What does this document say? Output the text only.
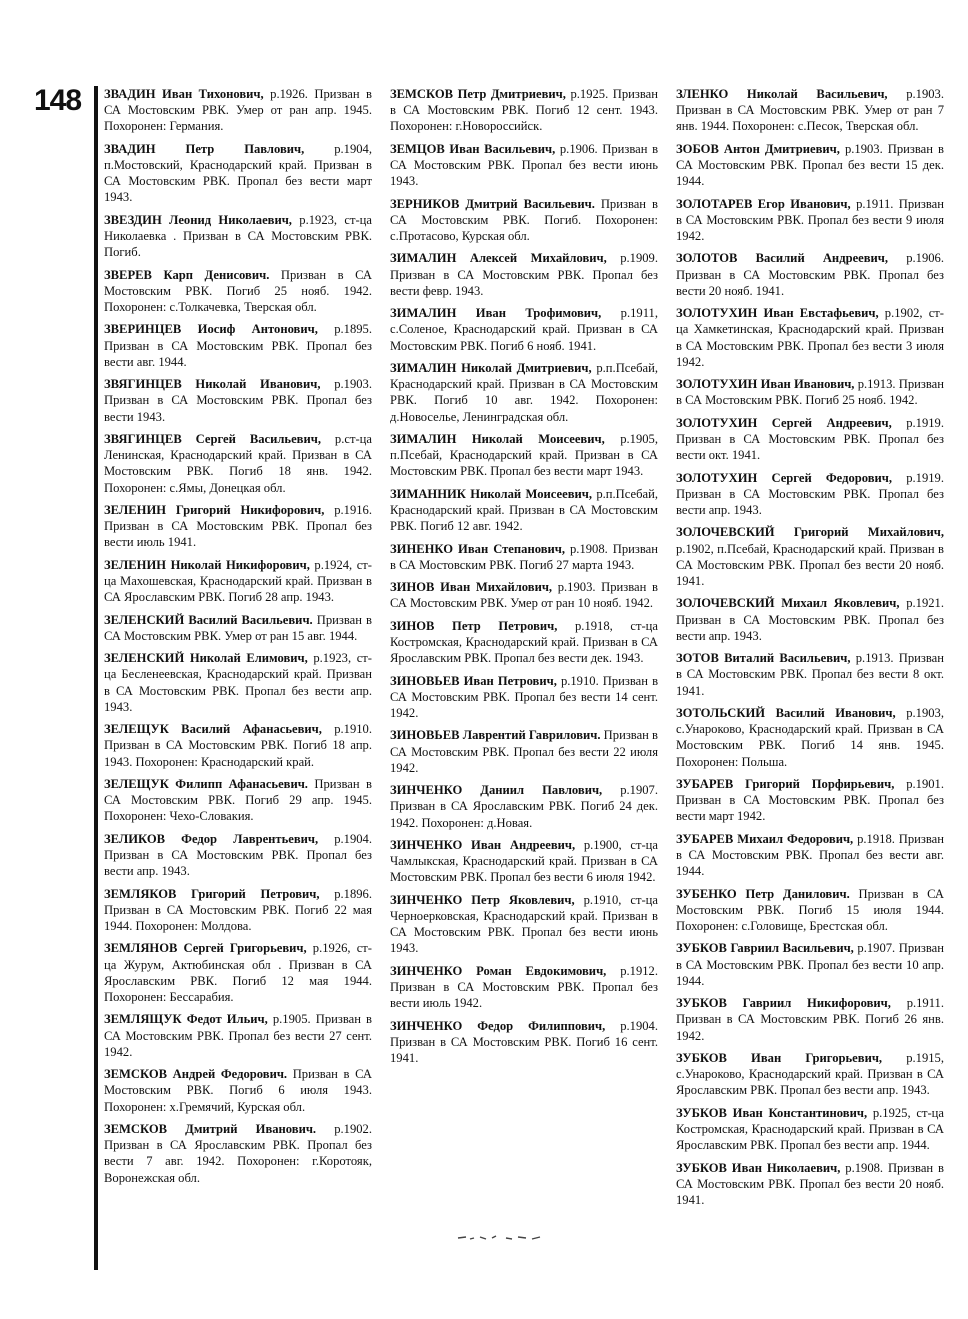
148 ЗВАДИН Иван Тихонович, р.1926. Призван в СА Мостовским РВК. Умер от ран апр. 1945. Похоронен: Германия.

ЗВАДИН Петр Павлович, р.1904, п.Мостовский, Краснодарский край. Призван в СА Мостовским РВК. Пропал без вести март 1943.

ЗВЕЗДИН Леонид Николаевич, р.1923, ст-ца Николаевка . Призван в СА Мостовским РВК. Погиб.

ЗВЕРЕВ Карп Денисович. Призван в СА Мостовским РВК. Погиб 25 нояб. 1942. Похоронен: с.Толкачевка, Тверская обл.

ЗВЕРИНЦЕВ Иосиф Антонович, р.1895. Призван в СА Мостовским РВК. Пропал без вести авг. 1944.

ЗВЯГИНЦЕВ Николай Иванович, р.1903. Призван в СА Мостовским РВК. Пропал без вести 1943.

ЗВЯГИНЦЕВ Сергей Васильевич, р.ст-ца Ленинская, Краснодарский край. Призван в СА Мостовским РВК. Погиб 18 янв. 1942. Похоронен: с.Ямы, Донецкая обл.

ЗЕЛЕНИН Григорий Никифорович, р.1916. Призван в СА Мостовским РВК. Пропал без вести июль 1941.

ЗЕЛЕНИН Николай Никифорович, р.1924, ст-ца Махошевская, Краснодарский край. Призван в СА Ярославским РВК. Погиб 28 апр. 1943.

ЗЕЛЕНСКИЙ Василий Васильевич. Призван в СА Мостовским РВК. Умер от ран 15 авг. 1944.

ЗЕЛЕНСКИЙ Николай Елимович, р.1923, ст-ца Бесленеевская, Краснодарский край. Призван в СА Мостовским РВК. Пропал без вести апр. 1943.

ЗЕЛЕЩУК Василий Афанасьевич, р.1910. Призван в СА Мостовским РВК. Погиб 18 апр. 1943. Похоронен: Краснодарский край.

ЗЕЛЕЩУК Филипп Афанасьевич. Призван в СА Мостовским РВК. Погиб 29 апр. 1945. Похоронен: Чехо-Словакия.

ЗЕЛИКОВ Федор Лаврентьевич, р.1904. Призван в СА Мостовским РВК. Пропал без вести апр. 1943.

ЗЕМЛЯКОВ Григорий Петрович, р.1896. Призван в СА Мостовским РВК. Погиб 22 мая 1944. Похоронен: Молдова.

ЗЕМЛЯНОВ Сергей Григорьевич, р.1926, ст-ца Журум, Актюбинская обл . Призван в СА Ярославским РВК. Погиб 12 мая 1944. Похоронен: Бессарабия.

ЗЕМЛЯЩУК Федот Ильич, р.1905. Призван в СА Мостовским РВК. Пропал без вести 27 сент. 1942.

ЗЕМСКОВ Андрей Федорович. Призван в СА Мостовским РВК. Погиб 6 июля 1943. Похоронен: х.Гремячий, Курская обл.

ЗЕМСКОВ Дмитрий Иванович. р.1902. Призван в СА Ярославским РВК. Пропал без вести 7 авг. 1942. Похоронен: г.Коротояк, Воронежская обл.

ЗЕМСКОВ Петр Дмитриевич, р.1925. Призван в СА Мостовским РВК. Погиб 12 сент. 1943. Похоронен: г.Новороссийск.

ЗЕМЦОВ Иван Васильевич, р.1906. Призван в СА Мостовским РВК. Пропал без вести июнь 1943.

ЗЕРНИКОВ Дмитрий Васильевич. Призван в СА Мостовским РВК. Погиб. Похоронен: с.Протасово, Курская обл.

ЗИМАЛИН Алексей Михайлович, р.1909. Призван в СА Мостовским РВК. Пропал без вести февр. 1943.

ЗИМАЛИН Иван Трофимович, р.1911, с.Соленое, Краснодарский край. Призван в СА Мостовским РВК. Погиб 6 нояб. 1941.

ЗИМАЛИН Николай Дмитриевич, р.п.Псебай, Краснодарский край. Призван в СА Мостовским РВК. Погиб 10 авг. 1942. Похоронен: д.Новоселье, Ленинградская обл.

ЗИМАЛИН Николай Моисеевич, р.1905, п.Псебай, Краснодарский край. Призван в СА Мостовским РВК. Пропал без вести март 1943.

ЗИМАННИК Николай Моисеевич, р.п.Псебай, Краснодарский край. Призван в СА Мостовским РВК. Погиб 12 авг. 1942.

ЗИНЕНКО Иван Степанович, р.1908. Призван в СА Мостовским РВК. Погиб 27 марта 1943.

ЗИНОВ Иван Михайлович, р.1903. Призван в СА Мостовским РВК. Умер от ран 10 нояб. 1942.

ЗИНОВ Петр Петрович, р.1918, ст-ца Костромская, Краснодарский край. Призван в СА Ярославским РВК. Пропал без вести дек. 1943.

ЗИНОВЬЕВ Иван Петрович, р.1910. Призван в СА Мостовским РВК. Пропал без вести 14 сент. 1942.

ЗИНОВЬЕВ Лаврентий Гаврилович. Призван в СА Мостовским РВК. Пропал без вести 22 июля 1942.

ЗИНЧЕНКО Даниил Павлович, р.1907. Призван в СА Ярославским РВК. Погиб 24 дек. 1942. Похоронен: д.Новая.

ЗИНЧЕНКО Иван Андреевич, р.1900, ст-ца Чамлыкская, Краснодарский край. Призван в СА Мостовским РВК. Пропал без вести 6 июля 1942.

ЗИНЧЕНКО Петр Яковлевич, р.1910, ст-ца Черноерковская, Краснодарский край. Призван в СА Мостовским РВК. Пропал без вести июнь 1943.

ЗИНЧЕНКО Роман Евдокимович, р.1912. Призван в СА Мостовским РВК. Пропал без вести июль 1942.

ЗИНЧЕНКО Федор Филиппович, р.1904. Призван в СА Мостовским РВК. Погиб 16 сент. 1941.

ЗЛЕНКО Николай Васильевич, р.1903. Призван в СА Мостовским РВК. Умер от ран 7 янв. 1944. Похоронен: с.Песок, Тверская обл.

ЗОБОВ Антон Дмитриевич, р.1903. Призван в СА Мостовским РВК. Пропал без вести 15 дек. 1944.

ЗОЛОТАРЕВ Егор Иванович, р.1911. Призван в СА Мостовским РВК. Пропал без вести 9 июля 1942.

ЗОЛОТОВ Василий Андреевич, р.1906. Призван в СА Мостовским РВК. Пропал без вести 20 нояб. 1941.

ЗОЛОТУХИН Иван Евстафьевич, р.1902, ст-ца Хамкетинская, Краснодарский край. Призван в СА Мостовским РВК. Пропал без вести 3 июля 1942.

ЗОЛОТУХИН Иван Иванович, р.1913. Призван в СА Мостовским РВК. Погиб 25 нояб. 1942.

ЗОЛОТУХИН Сергей Андреевич, р.1919. Призван в СА Мостовским РВК. Пропал без вести окт. 1941.

ЗОЛОТУХИН Сергей Федорович, р.1919. Призван в СА Мостовским РВК. Пропал без вести апр. 1943.

ЗОЛОЧЕВСКИЙ Григорий Михайлович, р.1902, п.Псебай, Краснодарский край. Призван в СА Мостовским РВК. Пропал без вести 20 нояб. 1941.

ЗОЛОЧЕВСКИЙ Михаил Яковлевич, р.1921. Призван в СА Мостовским РВК. Пропал без вести апр. 1943.

ЗОТОВ Виталий Васильевич, р.1913. Призван в СА Мостовским РВК. Пропал без вести 8 окт. 1941.

ЗОТОЛЬСКИЙ Василий Иванович, р.1903, с.Унароково, Краснодарский край. Призван в СА Мостовским РВК. Погиб 14 янв. 1945. Похоронен: Польша.

ЗУБАРЕВ Григорий Порфирьевич, р.1901. Призван в СА Мостовским РВК. Пропал без вести март 1942.

ЗУБАРЕВ Михаил Федорович, р.1918. Призван в СА Мостовским РВК. Пропал без вести авг. 1944.

ЗУБЕНКО Петр Данилович. Призван в СА Мостовским РВК. Погиб 15 июля 1944. Похоронен: с.Головище, Брестская обл.

ЗУБКОВ Гавриил Васильевич, р.1907. Призван в СА Мостовским РВК. Пропал без вести 10 апр. 1944.

ЗУБКОВ Гавриил Никифорович, р.1911. Призван в СА Мостовским РВК. Погиб 26 янв. 1942.

ЗУБКОВ Иван Григорьевич, р.1915, с.Унароково, Краснодарский край. Призван в СА Ярославским РВК. Пропал без вести апр. 1943.

ЗУБКОВ Иван Константинович, р.1925, ст-ца Костромская, Краснодарский край. Призван в СА Ярославским РВК. Пропал без вести апр. 1944.

ЗУБКОВ Иван Николаевич, р.1908. Призван в СА Мостовским РВК. Пропал без вести 20 нояб. 1941.
